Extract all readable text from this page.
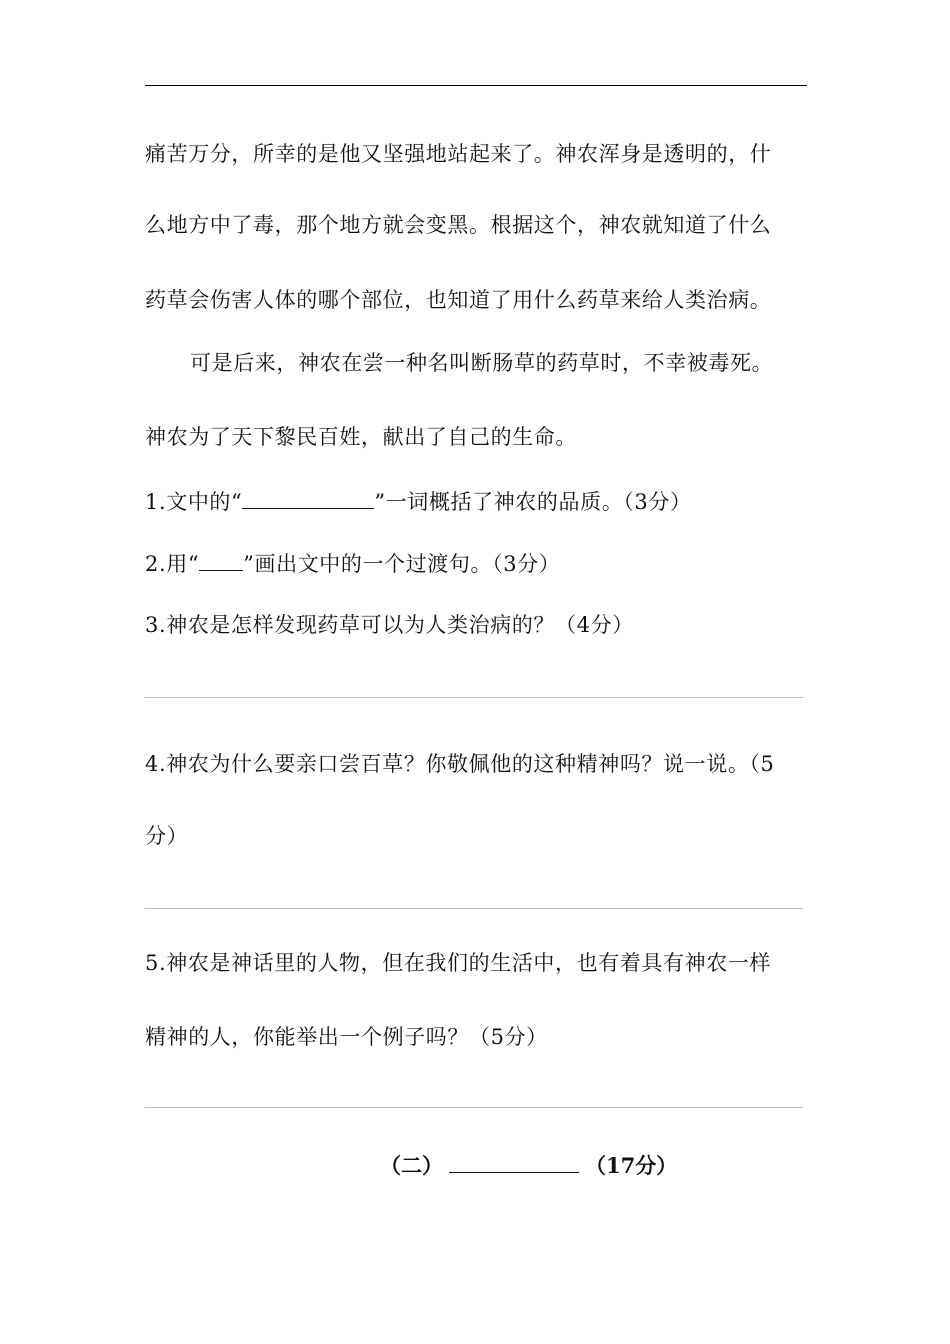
痛苦万分，所幸的是他又坚强地站起来了。神农浑身是透明的，什
么地方中了毒，那个地方就会变黑。根据这个，神农就知道了什么
药草会伤害人体的哪个部位，也知道了用什么药草来给人类治病。
可是后来，神农在尝一种名叫断肠草的药草时，不幸被毒死。
神农为了天下黎民百姓，献出了自己的生命。
1.文中的“	”一词概括了神农的品质。（3分）
2.用“ ”画出文中的一个过渡句。（3分）
3.神农是怎样发现药草可以为人类治病的？（4分）
4.神农为什么要亲口尝百草？你敬佩他的这种精神吗？说一说。（5
分）
5.神农是神话里的人物，但在我们的生活中，也有着具有神农一样
精神的人，你能举出一个例子吗？（5分）
（二）	（17分）
